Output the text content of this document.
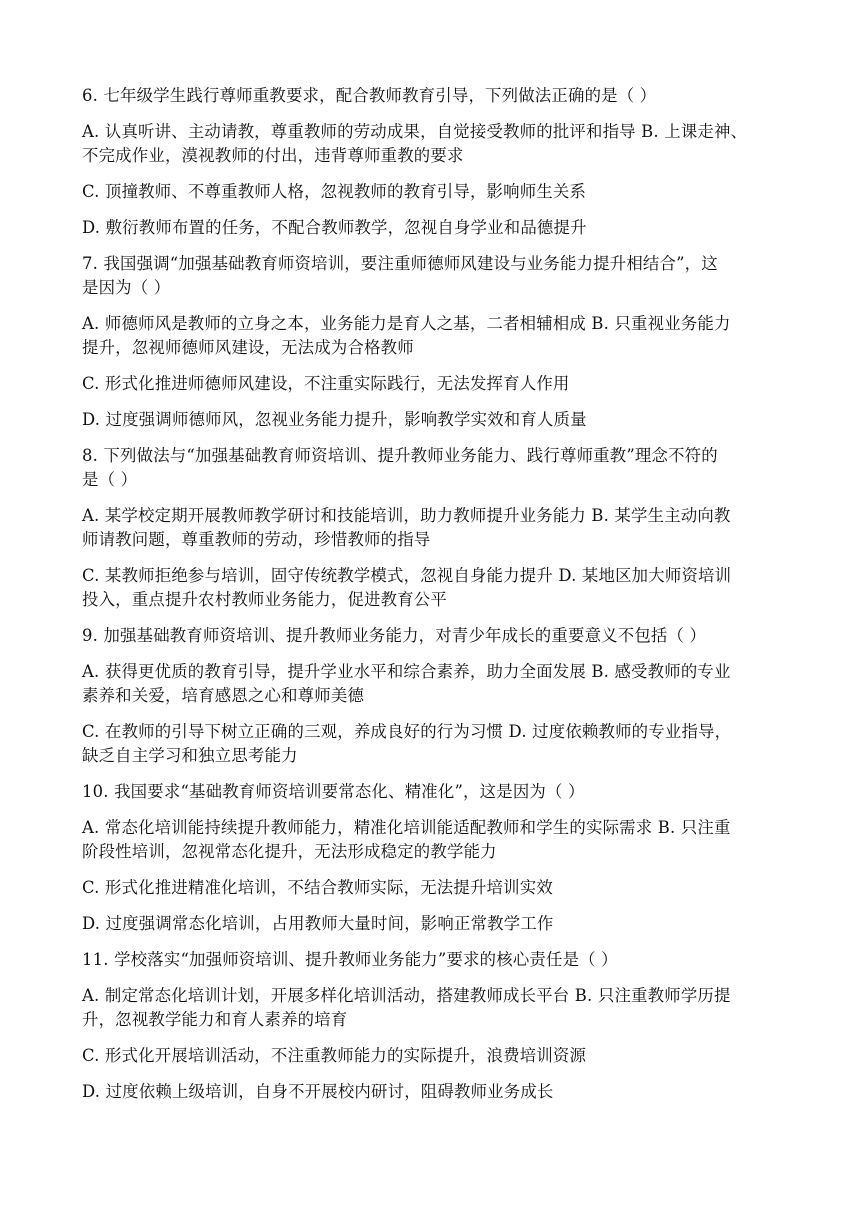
6. 七年级学生践行尊师重教要求，配合教师教育引导，下列做法正确的是（ ）
A. 认真听讲、主动请教，尊重教师的劳动成果，自觉接受教师的批评和指导 B. 上课走神、
不完成作业，漠视教师的付出，违背尊师重教的要求
C. 顶撞教师、不尊重教师人格，忽视教师的教育引导，影响师生关系
D. 敷衍教师布置的任务，不配合教师教学，忽视自身学业和品德提升
7. 我国强调“加强基础教育师资培训，要注重师德师风建设与业务能力提升相结合”，这
是因为（ ）
A. 师德师风是教师的立身之本，业务能力是育人之基，二者相辅相成 B. 只重视业务能力
提升，忽视师德师风建设，无法成为合格教师
C. 形式化推进师德师风建设，不注重实际践行，无法发挥育人作用
D. 过度强调师德师风，忽视业务能力提升，影响教学实效和育人质量
8. 下列做法与“加强基础教育师资培训、提升教师业务能力、践行尊师重教”理念不符的
是（ ）
A. 某学校定期开展教师教学研讨和技能培训，助力教师提升业务能力 B. 某学生主动向教
师请教问题，尊重教师的劳动，珍惜教师的指导
C. 某教师拒绝参与培训，固守传统教学模式，忽视自身能力提升 D. 某地区加大师资培训
投入，重点提升农村教师业务能力，促进教育公平
9. 加强基础教育师资培训、提升教师业务能力，对青少年成长的重要意义不包括（ ）
A. 获得更优质的教育引导，提升学业水平和综合素养，助力全面发展 B. 感受教师的专业
素养和关爱，培育感恩之心和尊师美德
C. 在教师的引导下树立正确的三观，养成良好的行为习惯 D. 过度依赖教师的专业指导，
缺乏自主学习和独立思考能力
10. 我国要求“基础教育师资培训要常态化、精准化”，这是因为（ ）
A. 常态化培训能持续提升教师能力，精准化培训能适配教师和学生的实际需求 B. 只注重
阶段性培训，忽视常态化提升，无法形成稳定的教学能力
C. 形式化推进精准化培训，不结合教师实际，无法提升培训实效
D. 过度强调常态化培训，占用教师大量时间，影响正常教学工作
11. 学校落实“加强师资培训、提升教师业务能力”要求的核心责任是（ ）
A. 制定常态化培训计划，开展多样化培训活动，搭建教师成长平台 B. 只注重教师学历提
升，忽视教学能力和育人素养的培育
C. 形式化开展培训活动，不注重教师能力的实际提升，浪费培训资源
D. 过度依赖上级培训，自身不开展校内研讨，阻碍教师业务成长
